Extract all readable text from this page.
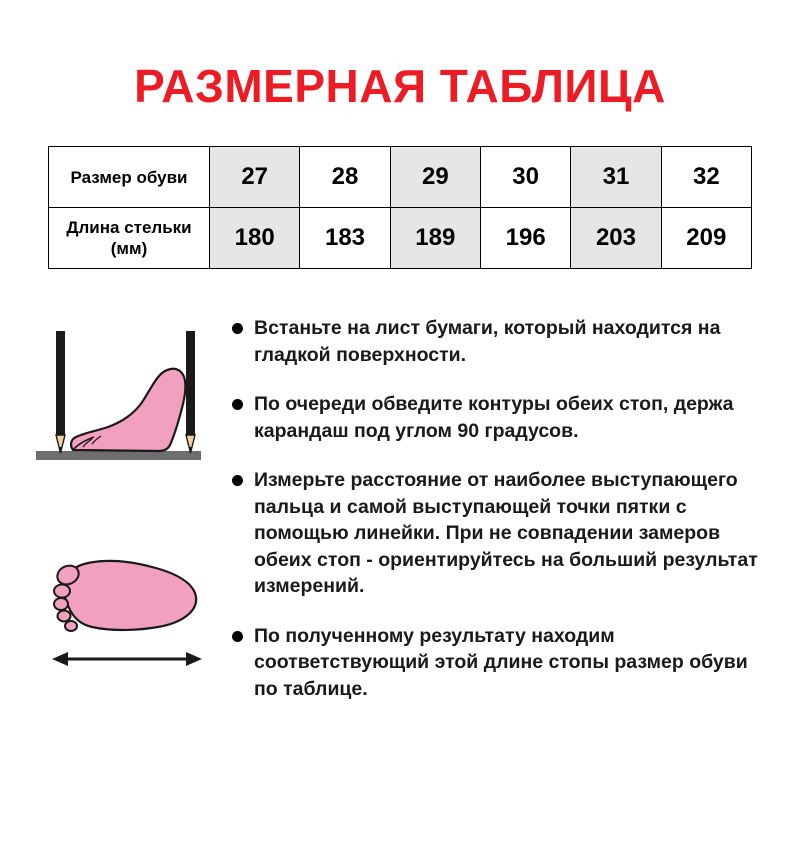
РАЗМЕРНАЯ ТАБЛИЦА
Размер обуви	27	28	29	30	31	32
Длина стельки (мм)	180	183	189	196	203	209
Встаньте на лист бумаги, который находится на гладкой поверхности.
По очереди обведите контуры обеих стоп, держа карандаш под углом 90 градусов.
Измерьте расстояние от наиболее выступающего пальца и самой выступающей точки пятки с помощью линейки. При не совпадении замеров обеих стоп - ориентируйтесь на больший результат измерений.
По полученному результату находим соответствующий этой длине стопы размер обуви по таблице.
